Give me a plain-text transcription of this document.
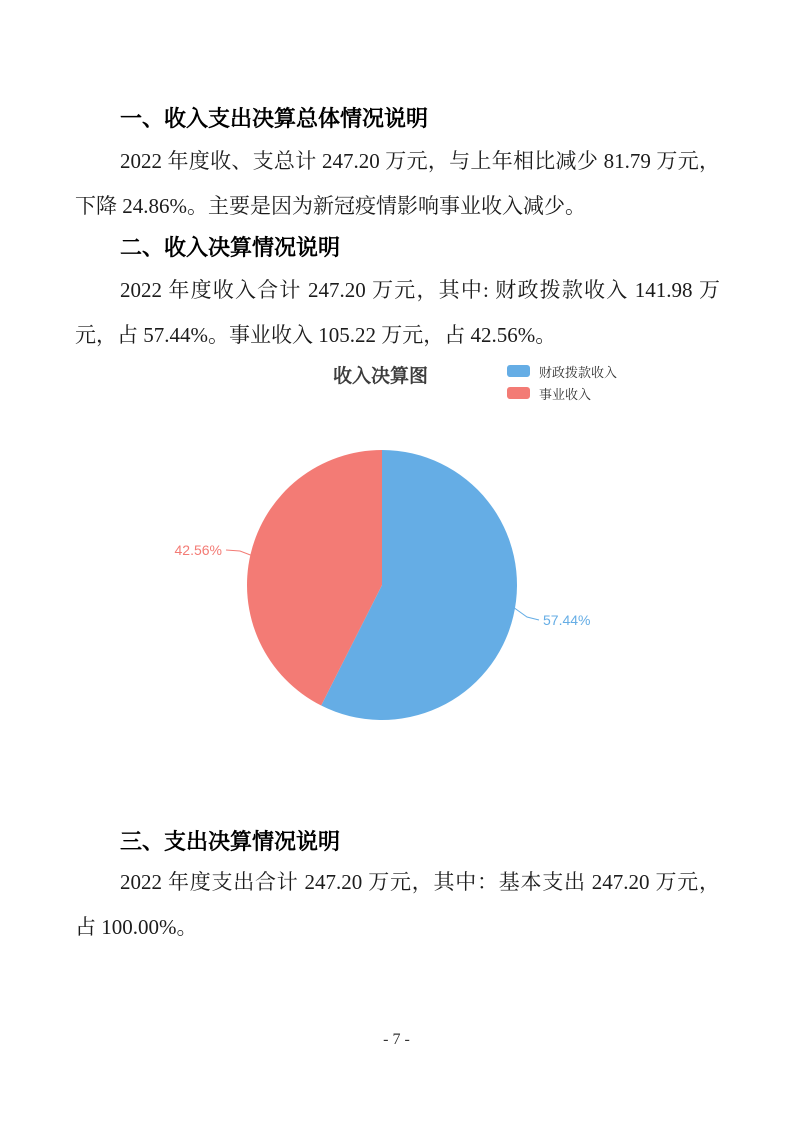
一、收入支出决算总体情况说明
2022 年度收、支总计 247.20 万元，与上年相比减少 81.79 万元，
下降 24.86%。主要是因为新冠疫情影响事业收入减少。
二、收入决算情况说明
2022 年度收入合计 247.20 万元，其中: 财政拨款收入 141.98 万
元，占 57.44%。事业收入 105.22 万元，占 42.56%。
收入决算图	财政拨款收入
事业收入
42.56%
57.44%
三、支出决算情况说明
2022 年度支出合计 247.20 万元，其中：基本支出 247.20 万元，
占 100.00%。
- 7 -
